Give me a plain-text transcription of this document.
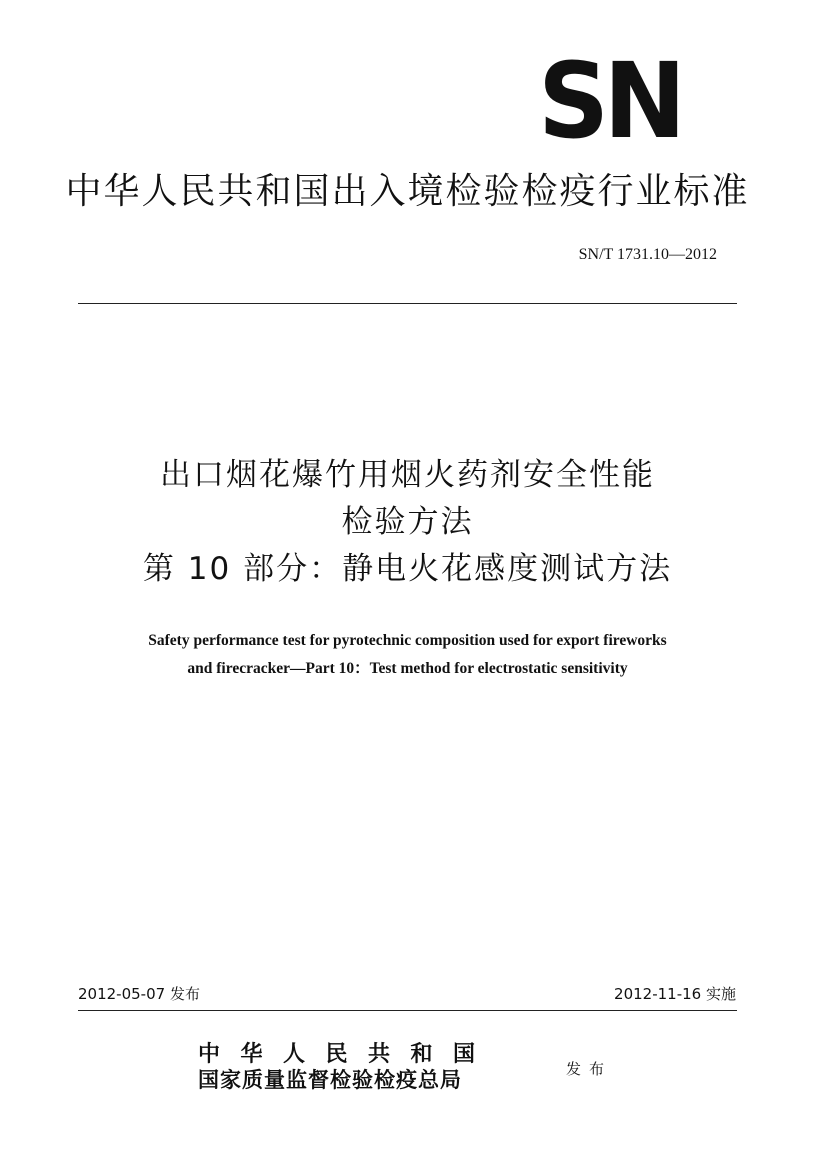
SN
中华人民共和国出入境检验检疫行业标准
SN/T 1731.10—2012
出口烟花爆竹用烟火药剂安全性能
检验方法
第 10 部分：静电火花感度测试方法
Safety performance test for pyrotechnic composition used for export fireworks
and firecracker—Part 10：Test method for electrostatic sensitivity
2012-05-07 发布	2012-11-16 实施
中华人民共和国
国家质量监督检验检疫总局	发布
